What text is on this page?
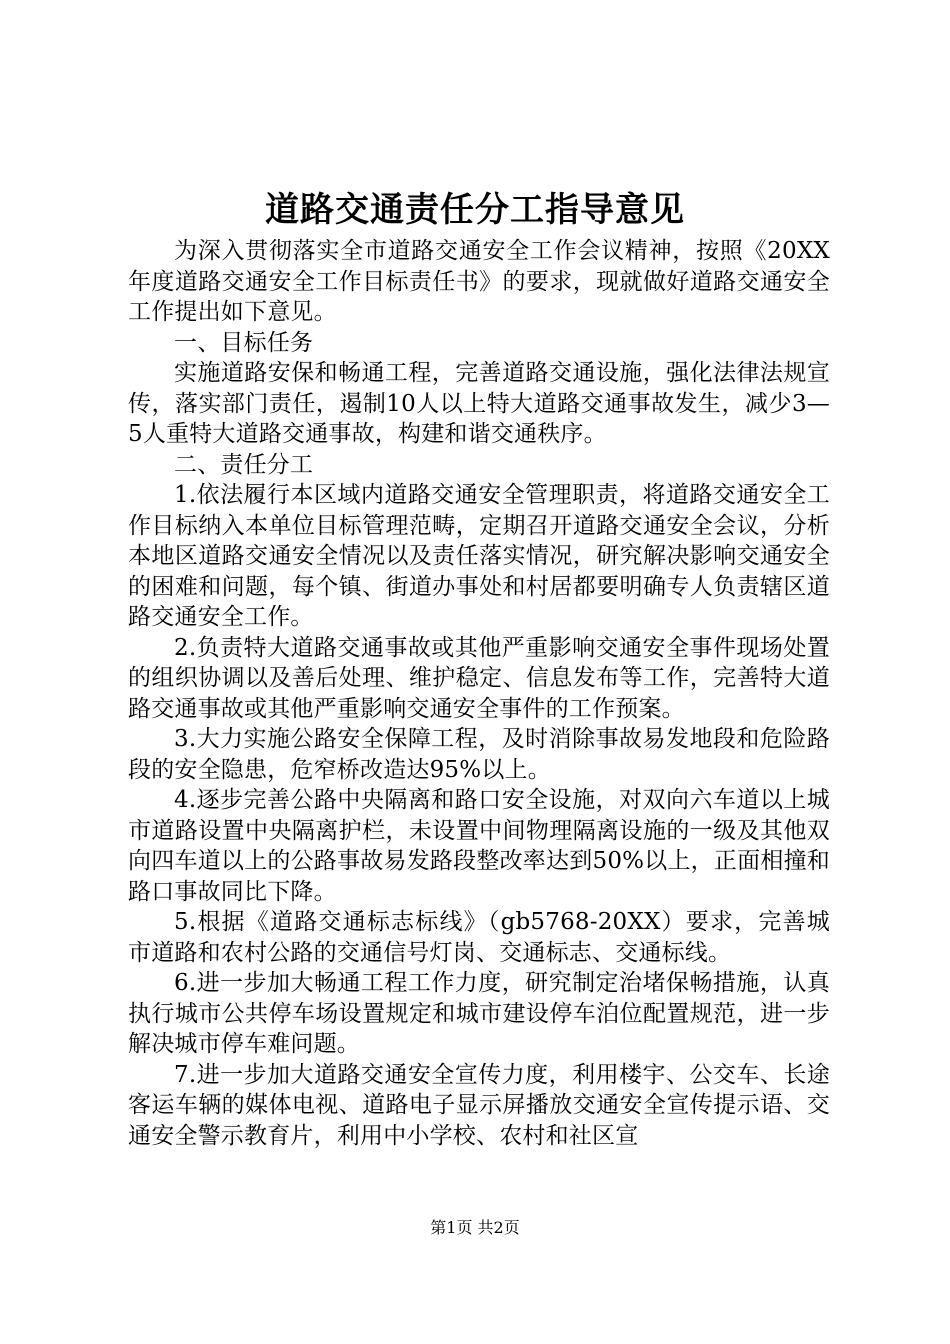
道路交通责任分工指导意见

为深入贯彻落实全市道路交通安全工作会议精神，按照《20XX年度道路交通安全工作目标责任书》的要求，现就做好道路交通安全工作提出如下意见。

一、目标任务

实施道路安保和畅通工程，完善道路交通设施，强化法律法规宣传，落实部门责任，遏制10人以上特大道路交通事故发生，减少3—5人重特大道路交通事故，构建和谐交通秩序。

二、责任分工

1.依法履行本区域内道路交通安全管理职责，将道路交通安全工作目标纳入本单位目标管理范畴，定期召开道路交通安全会议，分析本地区道路交通安全情况以及责任落实情况，研究解决影响交通安全的困难和问题，每个镇、街道办事处和村居都要明确专人负责辖区道路交通安全工作。

2.负责特大道路交通事故或其他严重影响交通安全事件现场处置的组织协调以及善后处理、维护稳定、信息发布等工作，完善特大道路交通事故或其他严重影响交通安全事件的工作预案。

3.大力实施公路安全保障工程，及时消除事故易发地段和危险路段的安全隐患，危窄桥改造达95%以上。

4.逐步完善公路中央隔离和路口安全设施，对双向六车道以上城市道路设置中央隔离护栏，未设置中间物理隔离设施的一级及其他双向四车道以上的公路事故易发路段整改率达到50%以上，正面相撞和路口事故同比下降。

5.根据《道路交通标志标线》（gb5768-20XX）要求，完善城市道路和农村公路的交通信号灯岗、交通标志、交通标线。

6.进一步加大畅通工程工作力度，研究制定治堵保畅措施，认真执行城市公共停车场设置规定和城市建设停车泊位配置规范，进一步解决城市停车难问题。

7.进一步加大道路交通安全宣传力度，利用楼宇、公交车、长途客运车辆的媒体电视、道路电子显示屏播放交通安全宣传提示语、交通安全警示教育片，利用中小学校、农村和社区宣

第1页 共2页
